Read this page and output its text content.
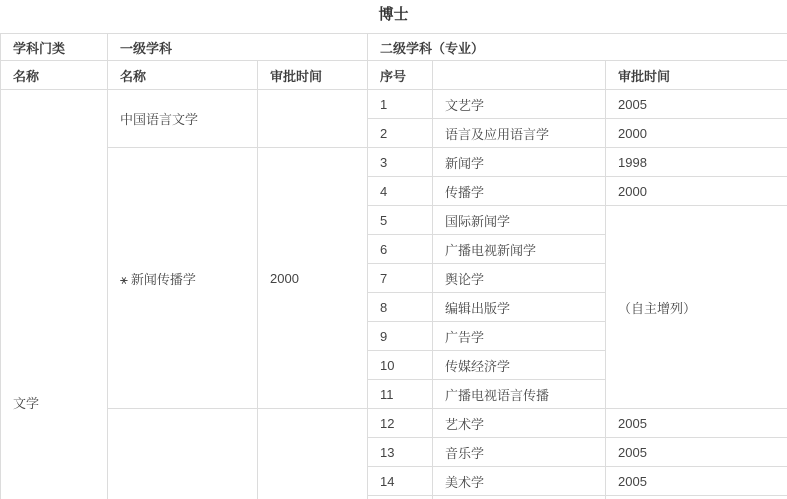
博士
学科门类	一级学科		二级学科（专业）		
名称	名称	审批时间	序号		审批时间
文学	中国语言文学		1	文艺学	2005
			2	语言及应用语言学	2000
	⚹ 新闻传播学	2000	3	新闻学	1998
			4	传播学	2000
			5	国际新闻学	（自主增列）
			6	广播电视新闻学	
			7	舆论学	
			8	编辑出版学	
			9	广告学	
			10	传媒经济学	
			11	广播电视语言传播	
			12	艺术学	2005
			13	音乐学	2005
			14	美术学	2005
